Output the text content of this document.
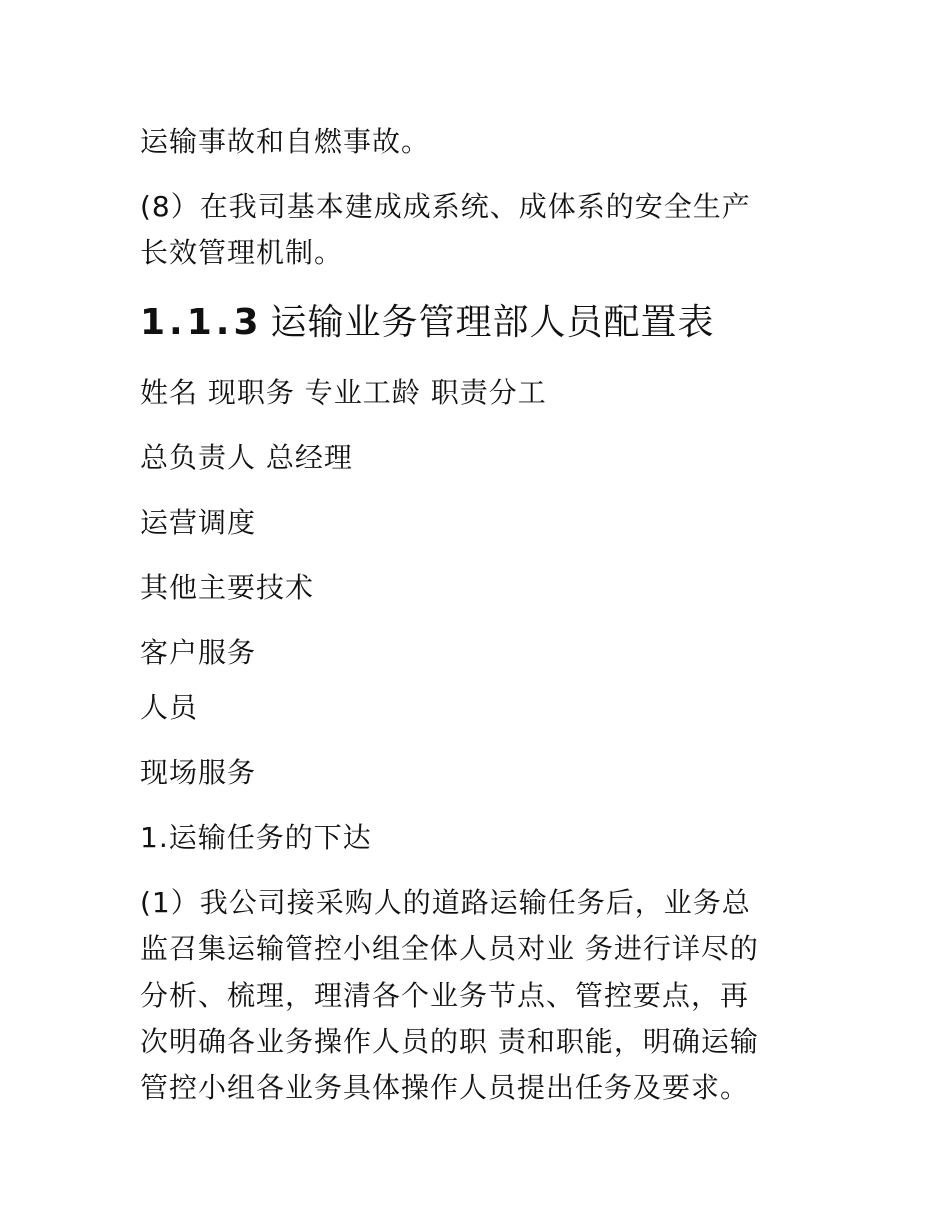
运输事故和自燃事故。
(8）在我司基本建成成系统、成体系的安全生产
长效管理机制。
1.1.3 运输业务管理部人员配置表
姓名 现职务 专业工龄 职责分工
总负责人 总经理
运营调度
其他主要技术
客户服务
人员
现场服务
1.运输任务的下达
(1）我公司接采购人的道路运输任务后，业务总
监召集运输管控小组全体人员对业 务进行详尽的
分析、梳理，理清各个业务节点、管控要点，再
次明确各业务操作人员的职 责和职能，明确运输
管控小组各业务具体操作人员提出任务及要求。
